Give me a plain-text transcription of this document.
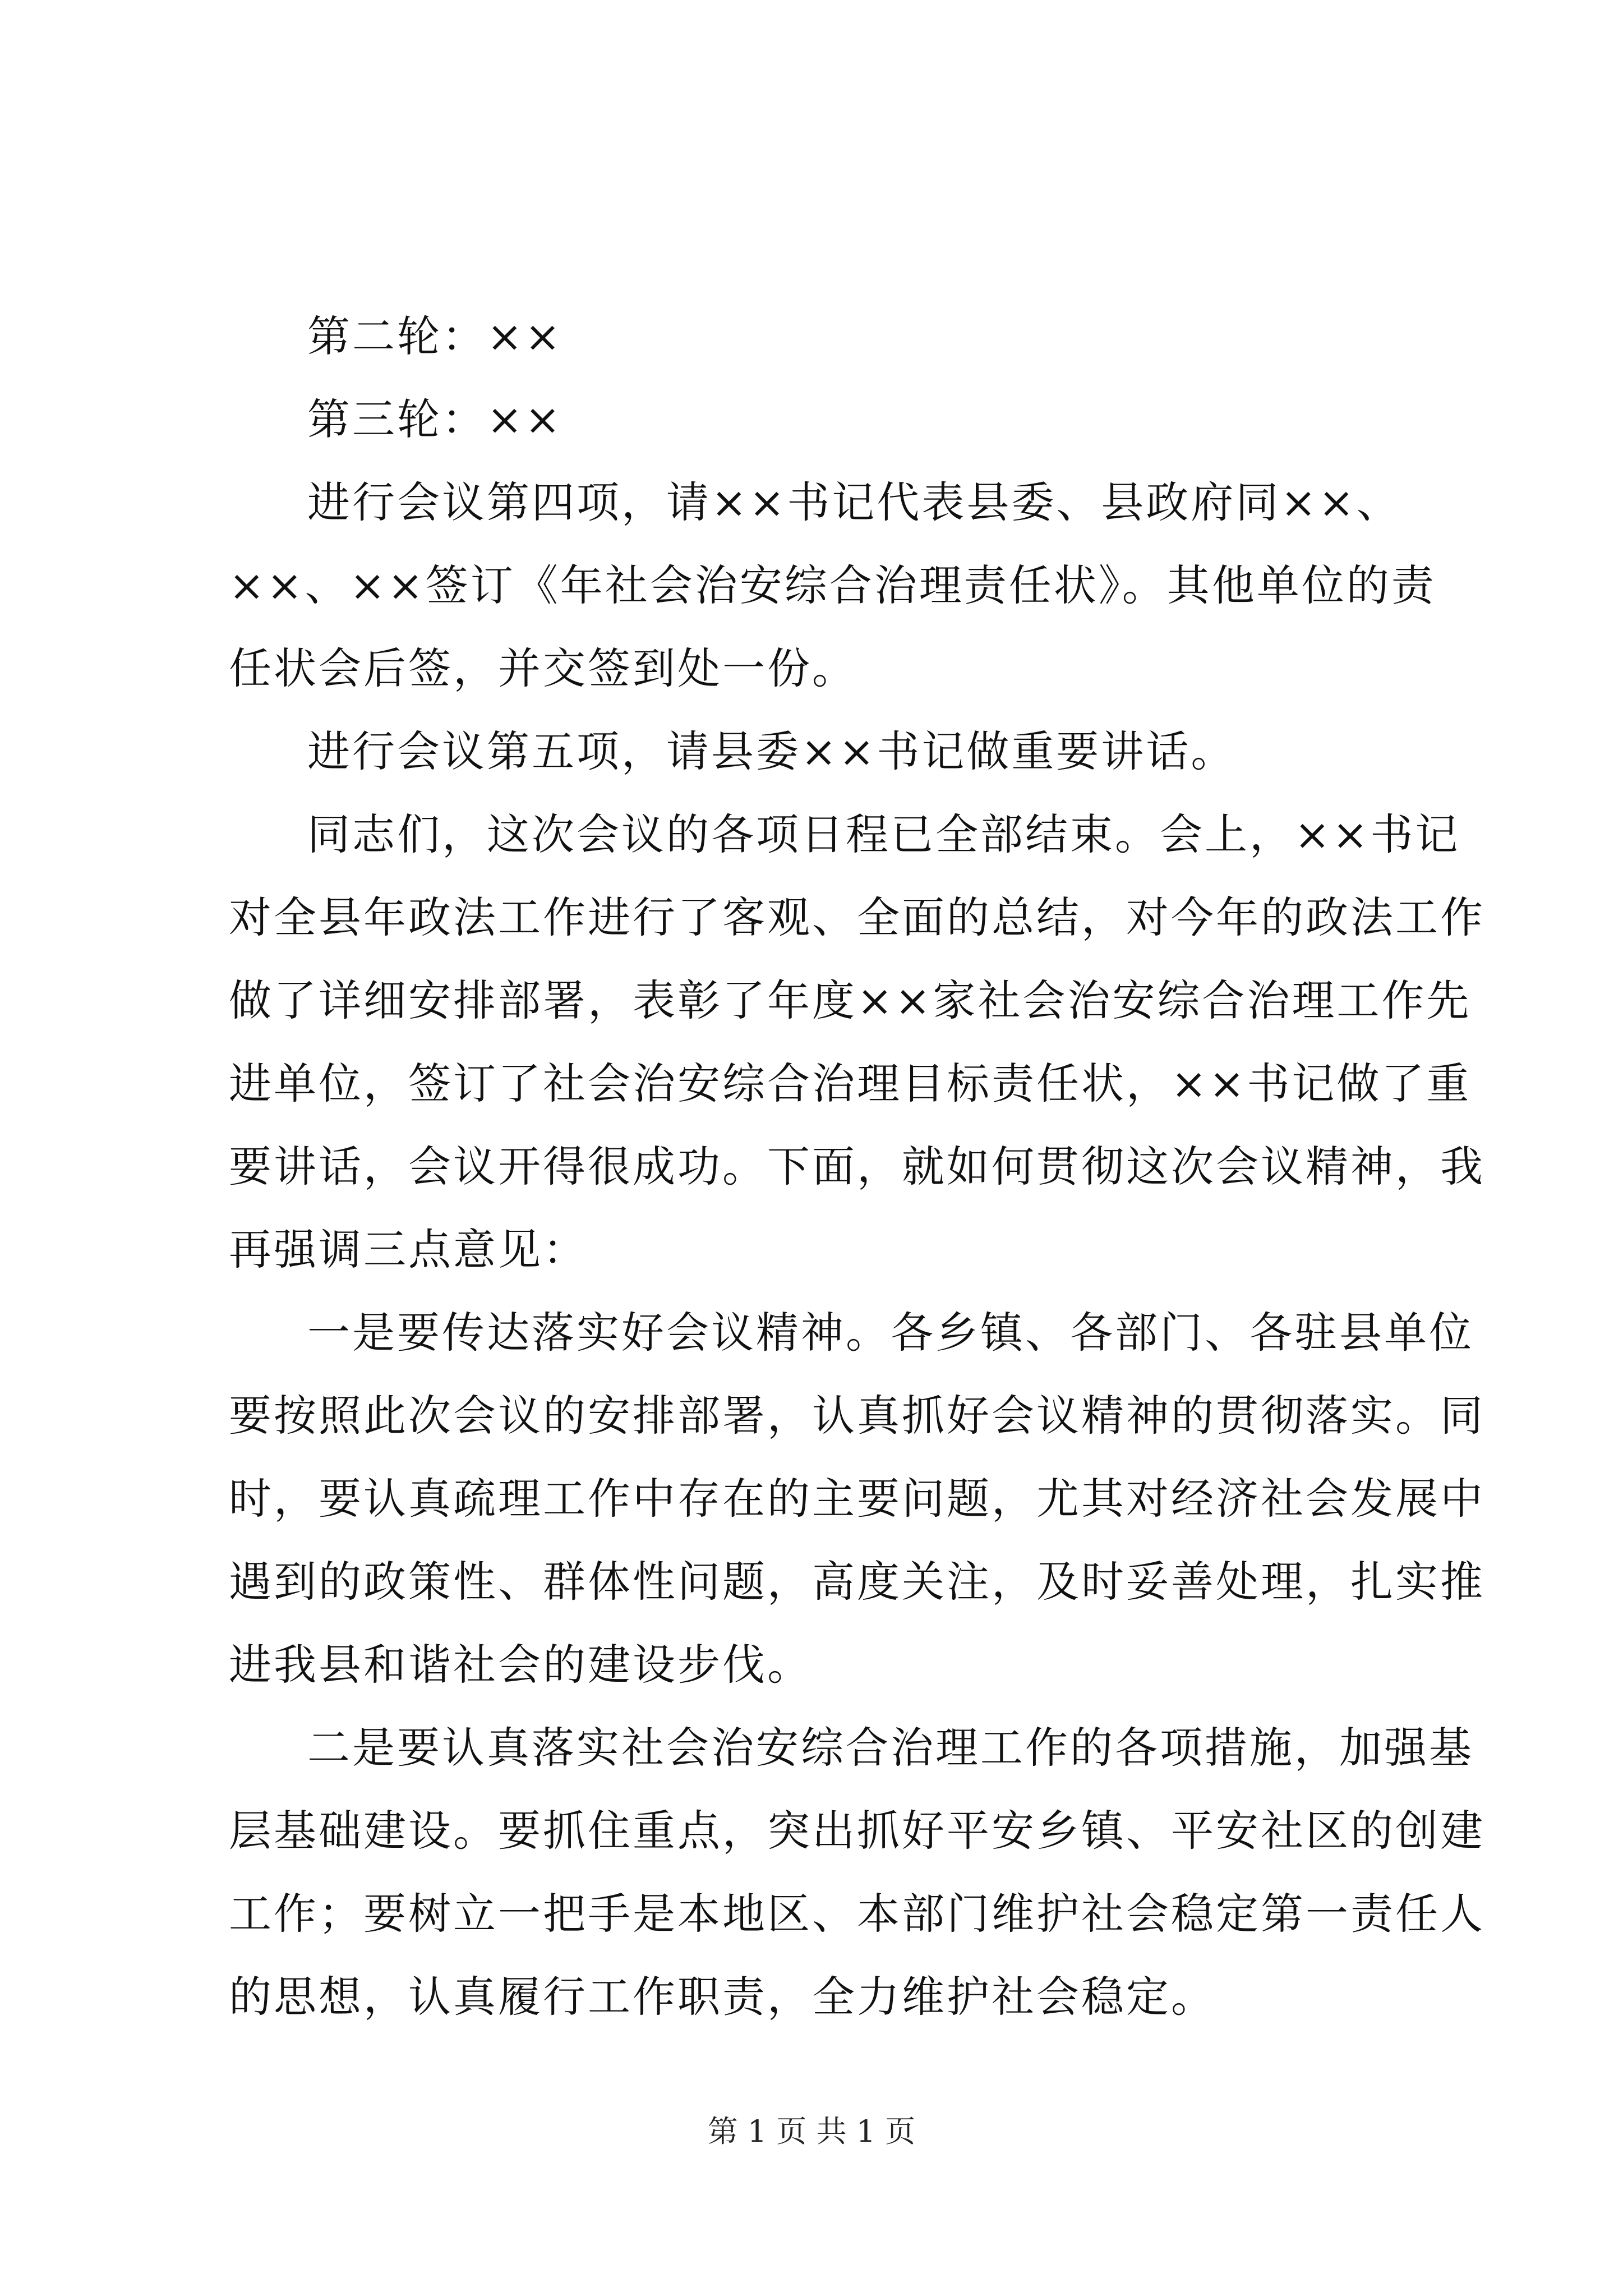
第二轮：××
第三轮：××
进行会议第四项，请××书记代表县委、县政府同××、
××、××签订《年社会治安综合治理责任状》。其他单位的责
任状会后签，并交签到处一份。
进行会议第五项，请县委××书记做重要讲话。
同志们，这次会议的各项日程已全部结束。会上，××书记
对全县年政法工作进行了客观、全面的总结，对今年的政法工作
做了详细安排部署，表彰了年度××家社会治安综合治理工作先
进单位，签订了社会治安综合治理目标责任状，××书记做了重
要讲话，会议开得很成功。下面，就如何贯彻这次会议精神，我
再强调三点意见：
一是要传达落实好会议精神。各乡镇、各部门、各驻县单位
要按照此次会议的安排部署，认真抓好会议精神的贯彻落实。同
时，要认真疏理工作中存在的主要问题，尤其对经济社会发展中
遇到的政策性、群体性问题，高度关注，及时妥善处理，扎实推
进我县和谐社会的建设步伐。
二是要认真落实社会治安综合治理工作的各项措施，加强基
层基础建设。要抓住重点，突出抓好平安乡镇、平安社区的创建
工作；要树立一把手是本地区、本部门维护社会稳定第一责任人
的思想，认真履行工作职责，全力维护社会稳定。
第 1 页 共 1 页
